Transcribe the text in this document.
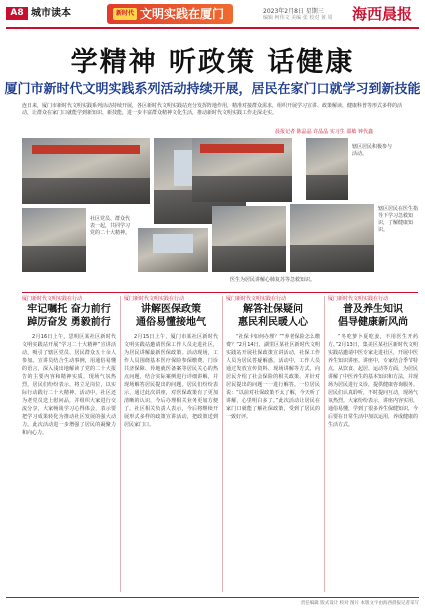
A8 城市读本	新时代 文明实践在厦门	2023年2月8日 星期三
编辑 柯伟文 美编 张 校对 黄 周 海西晨报
学精神 听政策 话健康
厦门市新时代文明实践系列活动持续开展，居民在家门口就学习到新技能
连日来，厦门市新时代文明实践系列活动持续开展，各区新时代文明实践站充分发挥阵地作用，精准对接群众需求，组织开展学习宣讲、政策解读、健康科普等形式多样的活动，让群众在家门口就能学到新知识、新技能，进一步丰富群众精神文化生活，推动新时代文明实践工作走深走实。
晨报记者 陈晶晶 许晶晶 实习生 邵敏 钟代鑫
辖区居民积极参与活动。
社区党员、群众代表一起，共同学习党的二十大精神。
辖区居民在医生指导下学习急救知识，了解健康知识。
医生为居民讲解心肺复苏等急救知识。
厦门新时代文明实践在行动
牢记嘱托 奋力前行
踔厉奋发 勇毅前行
2月16日上午，思明区某社区新时代文明实践站开展“学习二十大精神”宣讲活动，吸引了辖区党员、居民群众五十余人参加。宣讲员结合生动事例，用通俗易懂的语言，深入浅出地解读了党的二十大报告的主要内容和精神实质。现场气氛热烈，居民们纷纷表示，将立足岗位，以实际行动践行二十大精神。活动中，社区还为老党员送上慰问品，并组织大家进行交流分享，大家畅谈学习心得体会，表示要把学习成果转化为推动社区发展的强大动力。此次活动进一步增强了居民的凝聚力和向心力。
厦门新时代文明实践在行动
讲解医保政策
通俗易懂接地气
2月15日上午，厦门市某社区新时代文明实践站邀请医保工作人员走进社区，为居民讲解最新医保政策。活动现场，工作人员围绕基本医疗保险参保缴费、门诊共济保障、异地就医备案等居民关心的热点问题，结合实际案例进行详细讲解，并现场解答居民提出的问题。居民们纷纷表示，通过此次讲座，对医保政策有了更加清晰的认识，今后办理相关业务更加方便了。社区相关负责人表示，今后将继续开展形式多样的政策宣讲活动，把政策送到居民家门口。
厦门新时代文明实践在行动
解答社保疑问
惠民利民暖人心
“社保卡如何办理？”“养老保险怎么缴费？”2月14日，湖里区某社区新时代文明实践站开展社保政策宣讲活动，社保工作人员为居民答疑解惑。活动中，工作人员通过发放宣传资料、现场讲解等方式，向居民介绍了社会保险的相关政策，并针对居民提出的问题一一进行解答。一位居民说：“以前对社保政策不太了解，今天听了讲解，心里明白多了。”此次活动让居民在家门口就能了解社保政策，受到了居民的一致好评。
厦门新时代文明实践在行动
普及养生知识
倡导健康新风尚
“冬吃萝卜夏吃姜，不用医生开药方。”2月13日，集美区某社区新时代文明实践站邀请中医专家走进社区，开展中医养生知识讲座。讲座中，专家结合季节特点，从饮食、起居、运动等方面，为居民讲解了中医养生的基本知识和方法，并现场为居民进行义诊，提供健康咨询服务。居民们认真聆听，不时提问互动，现场气氛热烈。大家纷纷表示，讲座内容实用，通俗易懂，学到了很多养生保健知识，今后要在日常生活中加以运用，养成健康的生活方式。
责任编辑 版式设计 校对 图片 本版文字由海西晨报记者采写
